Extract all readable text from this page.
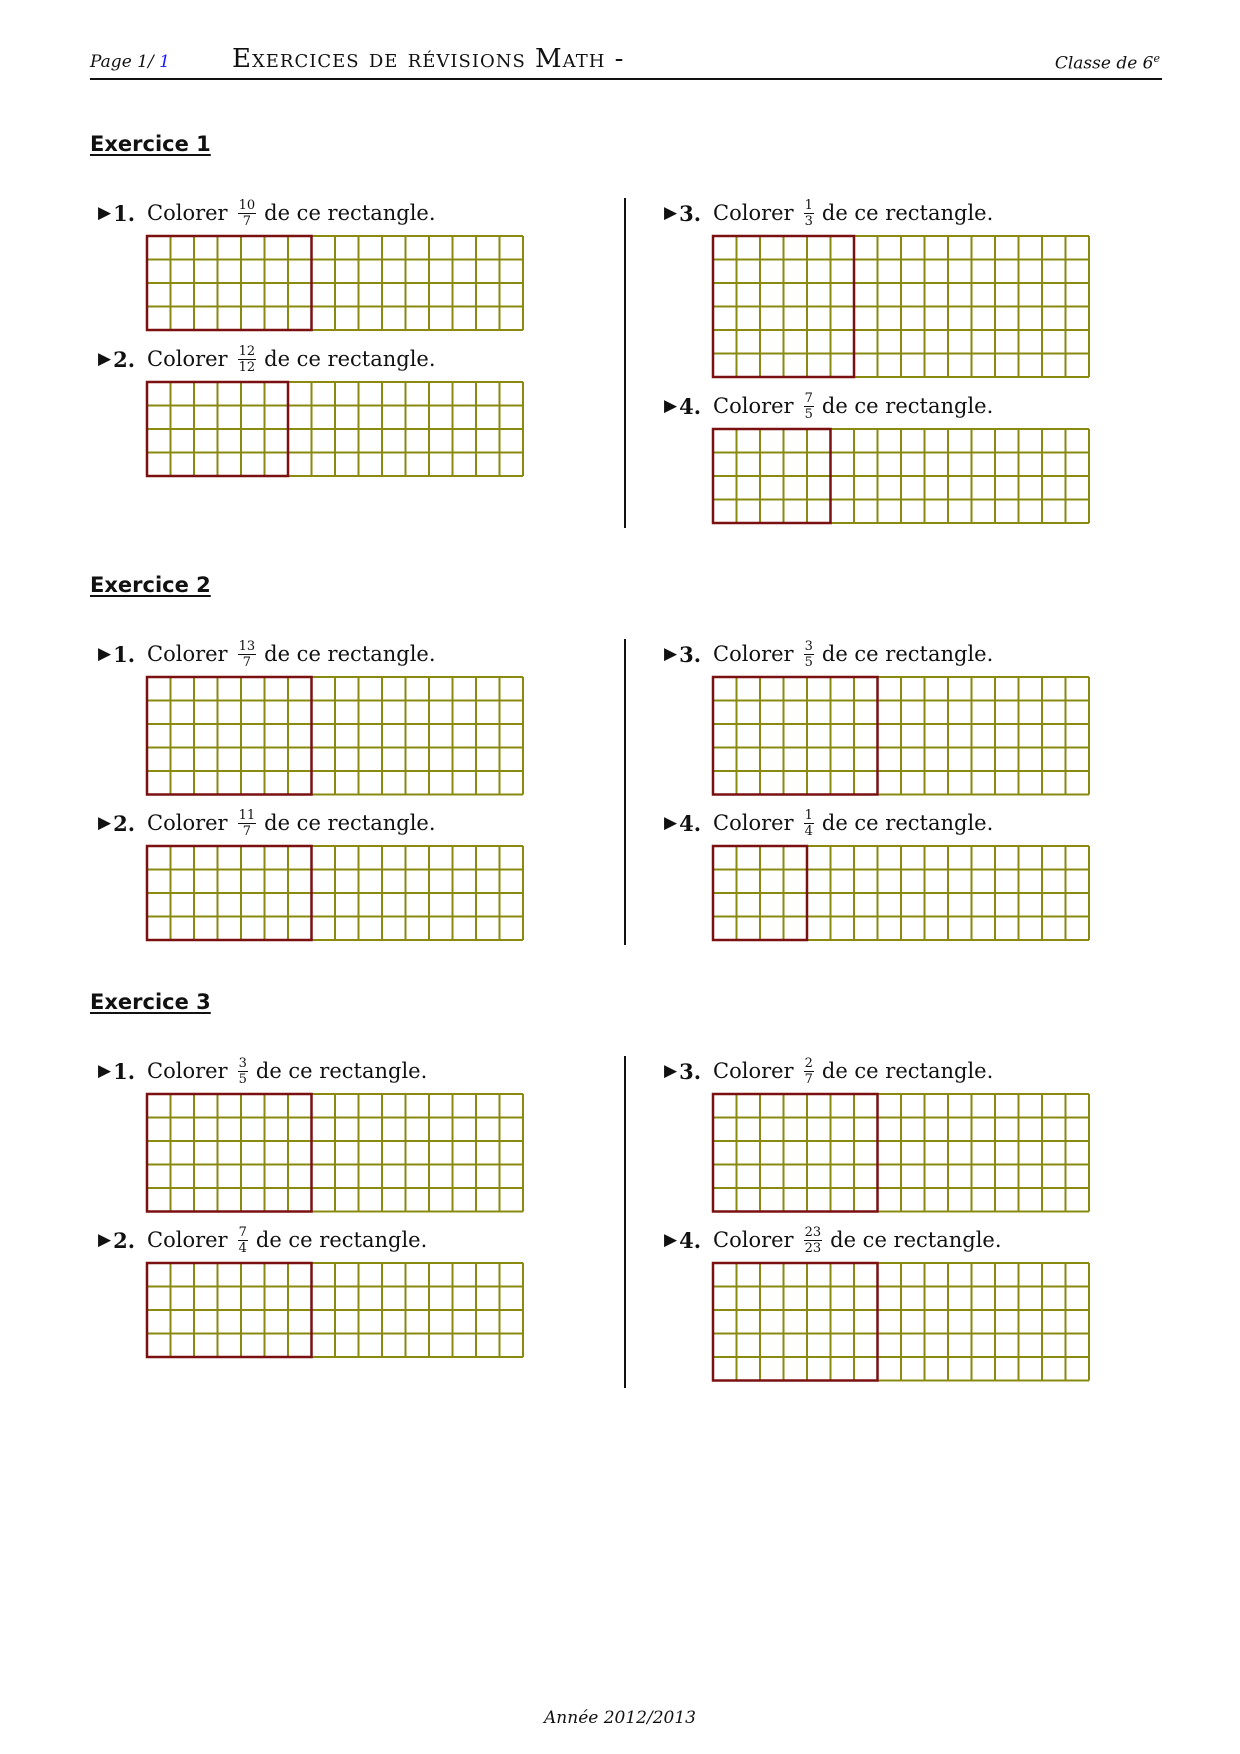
Page 1/ 1 Exercices de révisions Math -	Classe de 6e
Exercice 1
▶ 1. Colorer $\frac{10}{7}$ de ce rectangle.
▶ 2. Colorer $\frac{12}{12}$ de ce rectangle.
▶ 3. Colorer $\frac{1}{3}$ de ce rectangle.
▶ 4. Colorer $\frac{7}{5}$ de ce rectangle.
Exercice 2
▶ 1. Colorer $\frac{13}{7}$ de ce rectangle.
▶ 2. Colorer $\frac{11}{7}$ de ce rectangle.
▶ 3. Colorer $\frac{3}{5}$ de ce rectangle.
▶ 4. Colorer $\frac{1}{4}$ de ce rectangle.
Exercice 3
▶ 1. Colorer $\frac{3}{5}$ de ce rectangle.
▶ 2. Colorer $\frac{7}{4}$ de ce rectangle.
▶ 3. Colorer $\frac{2}{7}$ de ce rectangle.
▶ 4. Colorer $\frac{23}{23}$ de ce rectangle.
Année 2012/2013
